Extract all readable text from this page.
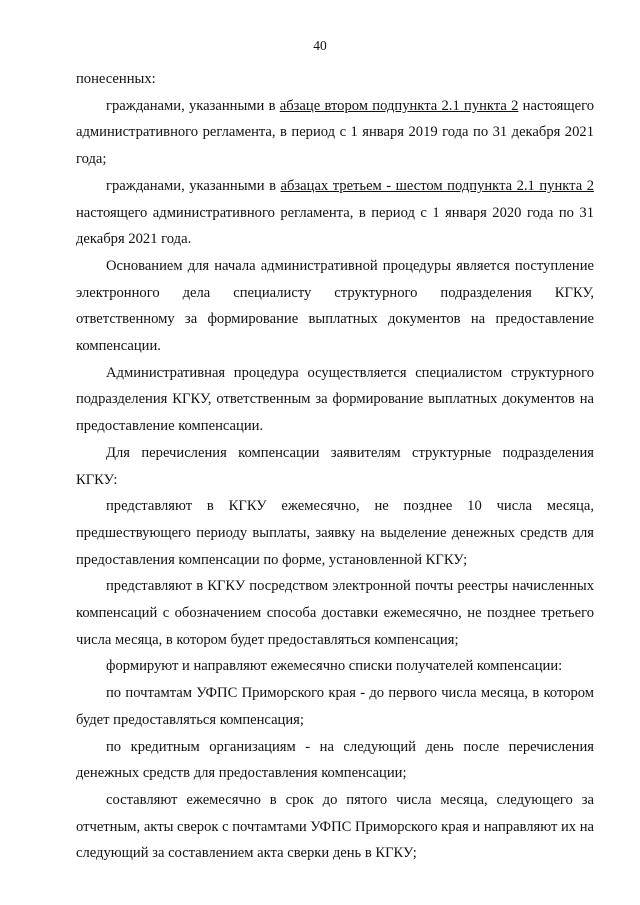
40

понесенных:

гражданами, указанными в абзаце втором подпункта 2.1 пункта 2 настоящего административного регламента, в период с 1 января 2019 года по 31 декабря 2021 года;

гражданами, указанными в абзацах третьем - шестом подпункта 2.1 пункта 2 настоящего административного регламента, в период с 1 января 2020 года по 31 декабря 2021 года.

Основанием для начала административной процедуры является поступление электронного дела специалисту структурного подразделения КГКУ, ответственному за формирование выплатных документов на предоставление компенсации.

Административная процедура осуществляется специалистом структурного подразделения КГКУ, ответственным за формирование выплатных документов на предоставление компенсации.

Для перечисления компенсации заявителям структурные подразделения КГКУ:

представляют в КГКУ ежемесячно, не позднее 10 числа месяца, предшествующего периоду выплаты, заявку на выделение денежных средств для предоставления компенсации по форме, установленной КГКУ;

представляют в КГКУ посредством электронной почты реестры начисленных компенсаций с обозначением способа доставки ежемесячно, не позднее третьего числа месяца, в котором будет предоставляться компенсация;

формируют и направляют ежемесячно списки получателей компенсации:

по почтамтам УФПС Приморского края - до первого числа месяца, в котором будет предоставляться компенсация;

по кредитным организациям - на следующий день после перечисления денежных средств для предоставления компенсации;

составляют ежемесячно в срок до пятого числа месяца, следующего за отчетным, акты сверок с почтамтами УФПС Приморского края и направляют их на следующий за составлением акта сверки день в КГКУ;
